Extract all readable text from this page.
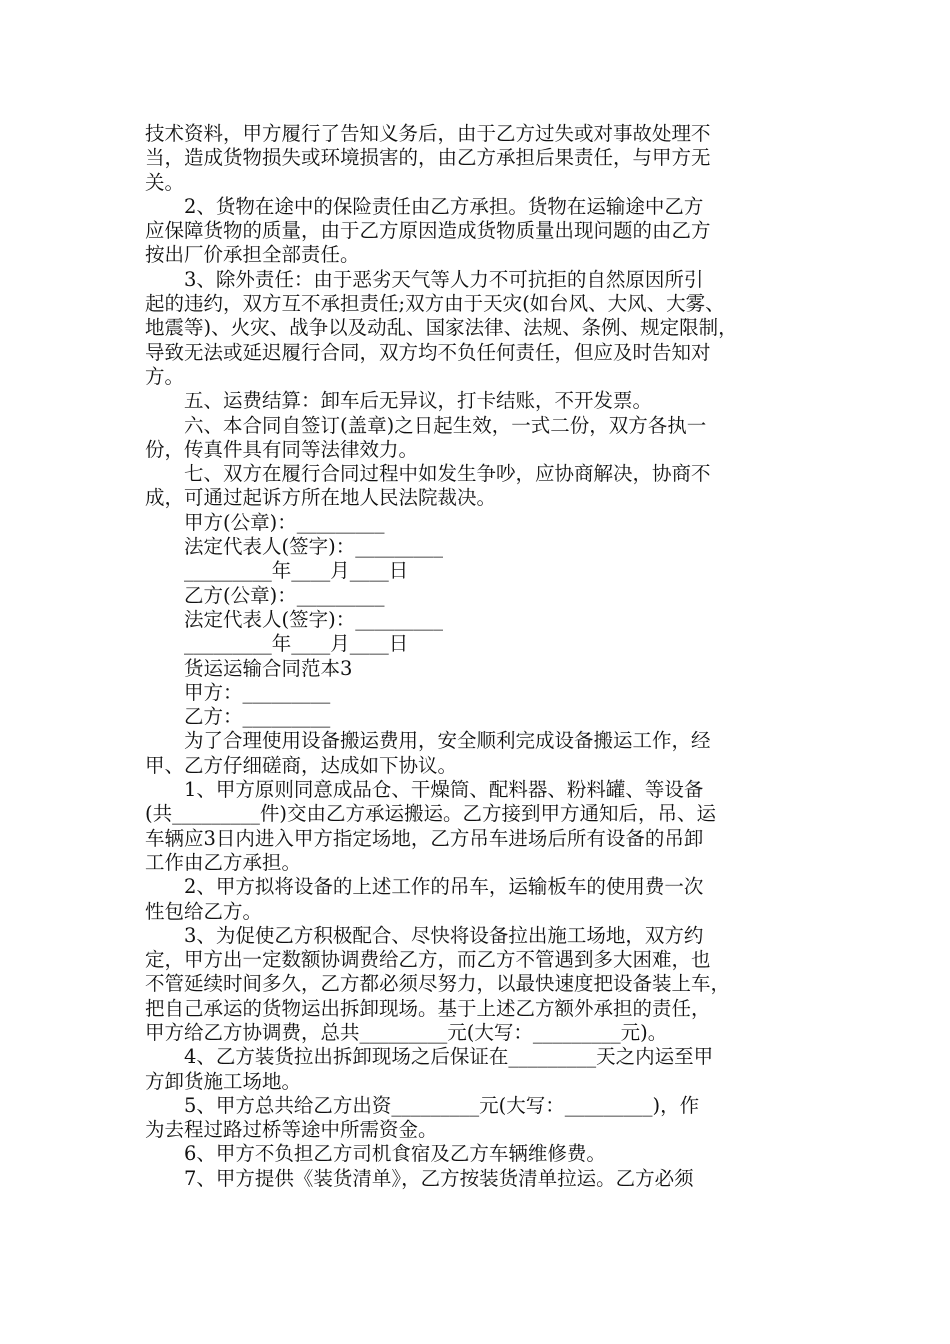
技术资料，甲方履行了告知义务后，由于乙方过失或对事故处理不
当，造成货物损失或环境损害的，由乙方承担后果责任，与甲方无
关。
　　2、货物在途中的保险责任由乙方承担。货物在运输途中乙方
应保障货物的质量，由于乙方原因造成货物质量出现问题的由乙方
按出厂价承担全部责任。
　　3、除外责任：由于恶劣天气等人力不可抗拒的自然原因所引
起的违约，双方互不承担责任;双方由于天灾(如台风、大风、大雾、
地震等)、火灾、战争以及动乱、国家法律、法规、条例、规定限制，
导致无法或延迟履行合同，双方均不负任何责任，但应及时告知对
方。
　　五、运费结算：卸车后无异议，打卡结账，不开发票。
　　六、本合同自签订(盖章)之日起生效，一式二份，双方各执一
份，传真件具有同等法律效力。
　　七、双方在履行合同过程中如发生争吵，应协商解决，协商不
成，可通过起诉方所在地人民法院裁决。
　　甲方(公章)：_________
　　法定代表人(签字)：_________
　　_________年____月____日
　　乙方(公章)：_________
　　法定代表人(签字)：_________
　　_________年____月____日
　　货运运输合同范本3
　　甲方：_________
　　乙方：_________
　　为了合理使用设备搬运费用，安全顺利完成设备搬运工作，经
甲、乙方仔细磋商，达成如下协议。
　　1、甲方原则同意成品仓、干燥筒、配料器、粉料罐、等设备
(共_________件)交由乙方承运搬运。乙方接到甲方通知后，吊、运
车辆应3日内进入甲方指定场地，乙方吊车进场后所有设备的吊卸
工作由乙方承担。
　　2、甲方拟将设备的上述工作的吊车，运输板车的使用费一次
性包给乙方。
　　3、为促使乙方积极配合、尽快将设备拉出施工场地，双方约
定，甲方出一定数额协调费给乙方，而乙方不管遇到多大困难，也
不管延续时间多久，乙方都必须尽努力，以最快速度把设备装上车，
把自己承运的货物运出拆卸现场。基于上述乙方额外承担的责任，
甲方给乙方协调费，总共_________元(大写：_________元)。
　　4、乙方装货拉出拆卸现场之后保证在_________天之内运至甲
方卸货施工场地。
　　5、甲方总共给乙方出资_________元(大写：_________)，作
为去程过路过桥等途中所需资金。
　　6、甲方不负担乙方司机食宿及乙方车辆维修费。
　　7、甲方提供《装货清单》，乙方按装货清单拉运。乙方必须
